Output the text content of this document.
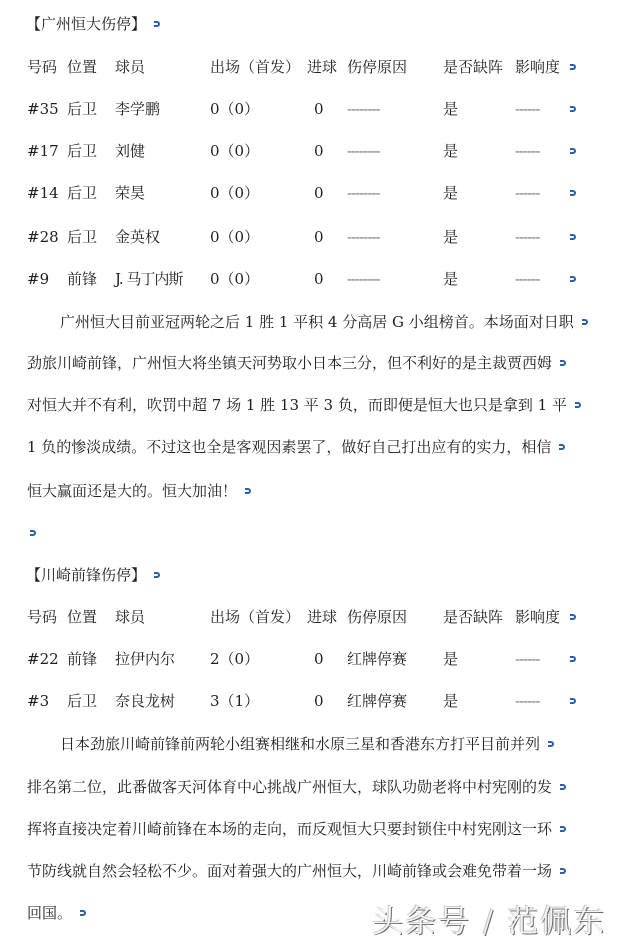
【广州恒大伤停】
号码 位置 球员	出场（首发） 进球 伤停原因 是否缺阵 影响度
#35 后卫 李学鹏	0（0）	0 --------	是	------
#17 后卫 刘健	0（0）	0 --------	是	------
#14 后卫 荣昊	0（0）	0 --------	是	------
#28 后卫 金英权	0（0）	0 --------	是	------
#9 前锋 J. 马丁内斯 0（0）	0 --------	是	------
广州恒大目前亚冠两轮之后 1 胜 1 平积 4 分高居 G 小组榜首。本场面对日职
劲旅川崎前锋，广州恒大将坐镇天河势取小日本三分，但不利好的是主裁贾西姆
对恒大并不有利，吹罚中超 7 场 1 胜 13 平 3 负，而即便是恒大也只是拿到 1 平
1 负的惨淡成绩。不过这也全是客观因素罢了，做好自己打出应有的实力，相信
恒大赢面还是大的。恒大加油！
【川崎前锋伤停】
号码 位置 球员	出场（首发） 进球 伤停原因 是否缺阵 影响度
#22 前锋 拉伊内尔 2（0）	0 红牌停赛 是	------
#3 后卫 奈良龙树 3（1）	0 红牌停赛 是	------
日本劲旅川崎前锋前两轮小组赛相继和水原三星和香港东方打平目前并列
排名第二位，此番做客天河体育中心挑战广州恒大，球队功勋老将中村宪刚的发
挥将直接决定着川崎前锋在本场的走向，而反观恒大只要封锁住中村宪刚这一环
节防线就自然会轻松不少。面对着强大的广州恒大，川崎前锋或会难免带着一场
回国。	头条号 / 范佩东
